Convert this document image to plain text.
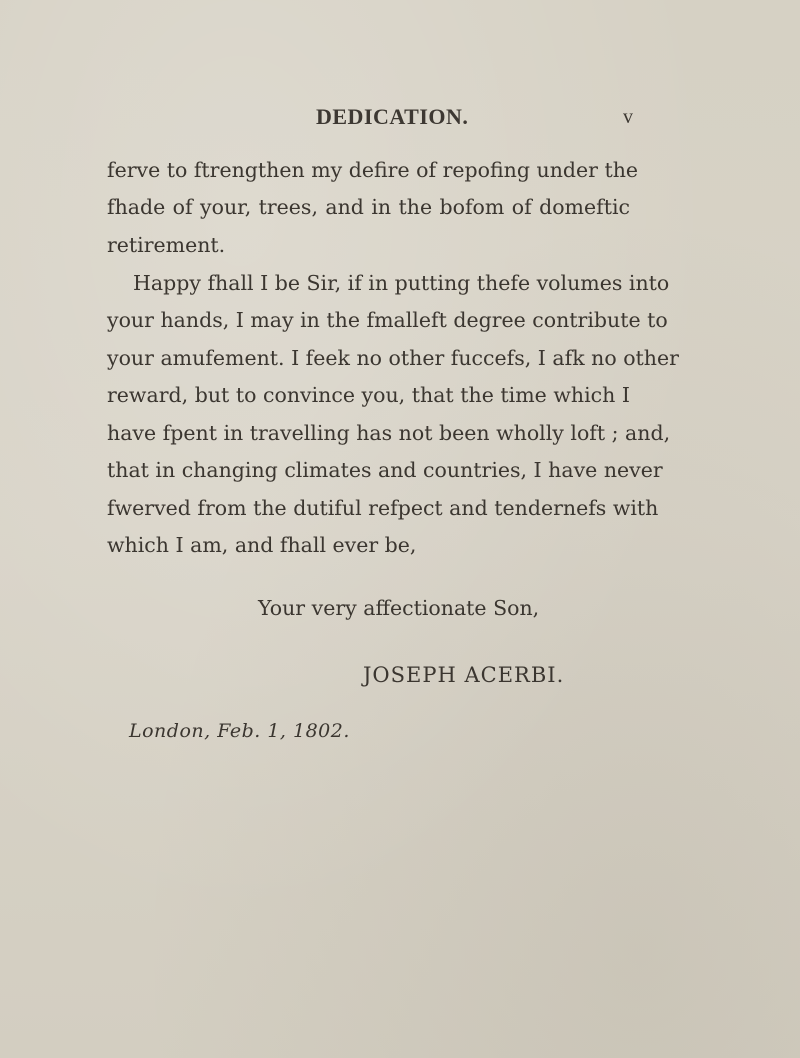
DEDICATION.	v
ferve to ftrengthen my defire of repofing under the
fhade of your, trees, and in the bofom of domeftic
retirement.
Happy fhall I be Sir, if in putting thefe volumes into
your hands, I may in the fmalleft degree contribute to
your amufement. I feek no other fuccefs, I afk no other
reward, but to convince you, that the time which I
have fpent in travelling has not been wholly loft ; and,
that in changing climates and countries, I have never
fwerved from the dutiful refpect and tendernefs with
which I am, and fhall ever be,
Your very affectionate Son,
JOSEPH ACERBI.
London, Feb. 1, 1802.
